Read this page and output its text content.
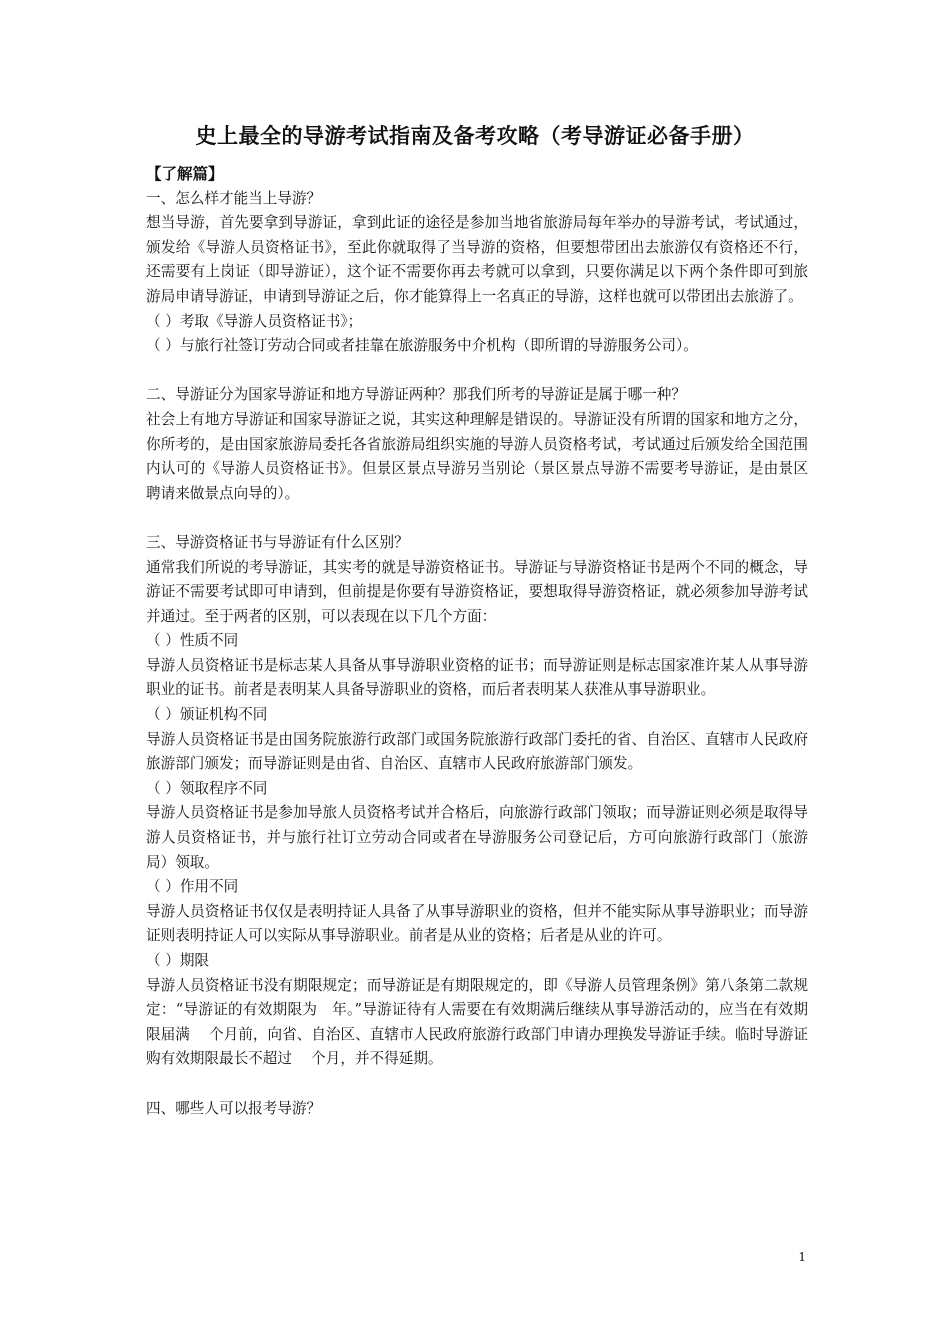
史上最全的导游考试指南及备考攻略（考导游证必备手册）

【了解篇】

一、怎么样才能当上导游？

想当导游，首先要拿到导游证，拿到此证的途径是参加当地省旅游局每年举办的导游考试，考试通过，颁发给《导游人员资格证书》，至此你就取得了当导游的资格，但要想带团出去旅游仅有资格还不行，还需要有上岗证（即导游证），这个证不需要你再去考就可以拿到，只要你满足以下两个条件即可到旅游局申请导游证，申请到导游证之后，你才能算得上一名真正的导游，这样也就可以带团出去旅游了。

（ ）考取《导游人员资格证书》；

（ ）与旅行社签订劳动合同或者挂靠在旅游服务中介机构（即所谓的导游服务公司）。

二、导游证分为国家导游证和地方导游证两种？那我们所考的导游证是属于哪一种？

社会上有地方导游证和国家导游证之说，其实这种理解是错误的。导游证没有所谓的国家和地方之分，你所考的，是由国家旅游局委托各省旅游局组织实施的导游人员资格考试，考试通过后颁发给全国范围内认可的《导游人员资格证书》。但景区景点导游另当别论（景区景点导游不需要考导游证，是由景区聘请来做景点向导的）。

三、导游资格证书与导游证有什么区别？

通常我们所说的考导游证，其实考的就是导游资格证书。导游证与导游资格证书是两个不同的概念，导游证不需要考试即可申请到，但前提是你要有导游资格证，要想取得导游资格证，就必须参加导游考试并通过。至于两者的区别，可以表现在以下几个方面：

（ ）性质不同

导游人员资格证书是标志某人具备从事导游职业资格的证书；而导游证则是标志国家准许某人从事导游职业的证书。前者是表明某人具备导游职业的资格，而后者表明某人获准从事导游职业。

（ ）颁证机构不同

导游人员资格证书是由国务院旅游行政部门或国务院旅游行政部门委托的省、自治区、直辖市人民政府旅游部门颁发；而导游证则是由省、自治区、直辖市人民政府旅游部门颁发。

（ ）领取程序不同

导游人员资格证书是参加导旅人员资格考试并合格后，向旅游行政部门领取；而导游证则必须是取得导游人员资格证书，并与旅行社订立劳动合同或者在导游服务公司登记后，方可向旅游行政部门（旅游局）领取。

（ ）作用不同

导游人员资格证书仅仅是表明持证人具备了从事导游职业的资格，但并不能实际从事导游职业；而导游证则表明持证人可以实际从事导游职业。前者是从业的资格；后者是从业的许可。

（ ）期限

导游人员资格证书没有期限规定；而导游证是有期限规定的，即《导游人员管理条例》第八条第二款规定：“导游证的有效期限为　年。”导游证待有人需要在有效期满后继续从事导游活动的，应当在有效期限届满　 个月前，向省、自治区、直辖市人民政府旅游行政部门申请办理换发导游证手续。临时导游证购有效期限最长不超过　 个月，并不得延期。

四、哪些人可以报考导游？

1
